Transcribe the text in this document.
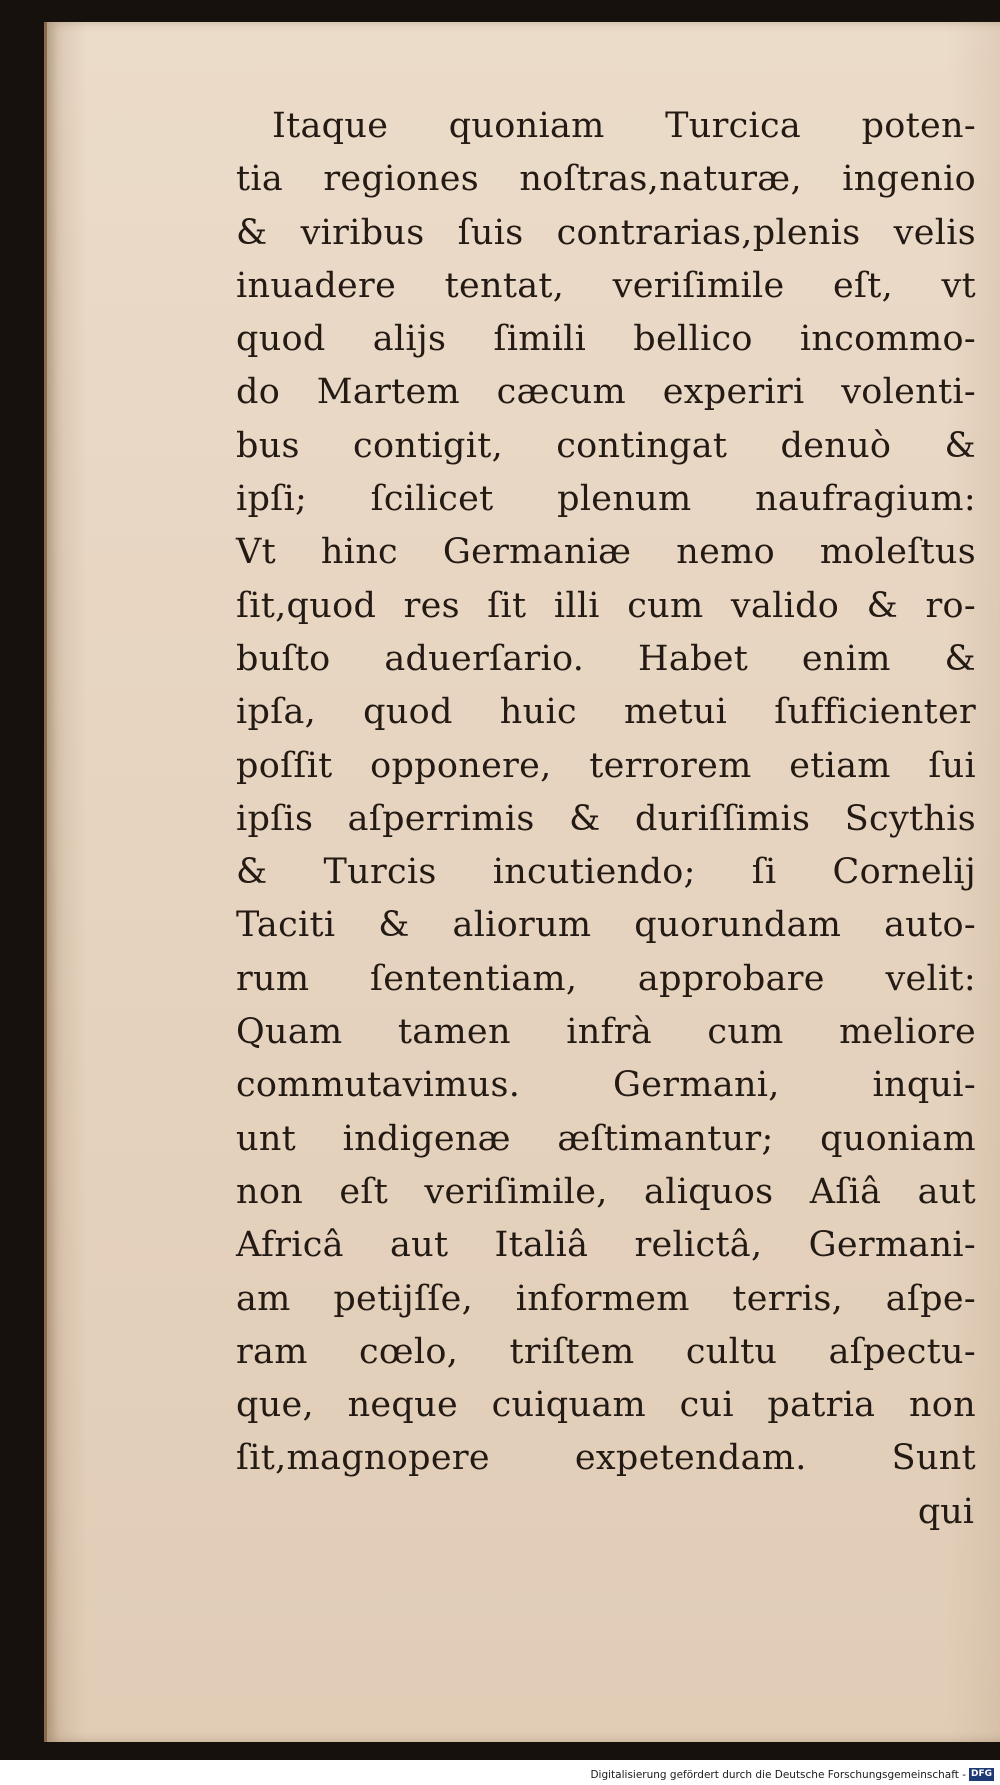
Itaque quoniam Turcica poten-
tia regiones noſtras,naturæ, ingenio
& viribus ſuis contrarias,plenis velis
inuadere tentat, veriſimile eſt, vt
quod alijs ſimili bellico incommo-
do Martem cæcum experiri volenti-
bus contigit, contingat denuò &
ipſi; ſcilicet plenum naufragium:
Vt hinc Germaniæ nemo moleſtus
ſit,quod res ſit illi cum valido & ro-
buſto aduerſario. Habet enim &
ipſa, quod huic metui ſufficienter
poſſit opponere, terrorem etiam ſui
ipſis aſperrimis & duriſſimis Scythis
& Turcis incutiendo; ſi Cornelij
Taciti & aliorum quorundam auto-
rum ſententiam, approbare velit:
Quam tamen infrà cum meliore
commutavimus. Germani, inqui-
unt indigenæ æſtimantur; quoniam
non eſt veriſimile, aliquos Aſiâ aut
Africâ aut Italiâ relictâ, Germani-
am petijſſe, informem terris, aſpe-
ram cœlo, triſtem cultu aſpectu-
que, neque cuiquam cui patria non
ſit,magnopere expetendam. Sunt
qui
Digitalisierung gefördert durch die Deutsche Forschungsgemeinschaft - DFG
